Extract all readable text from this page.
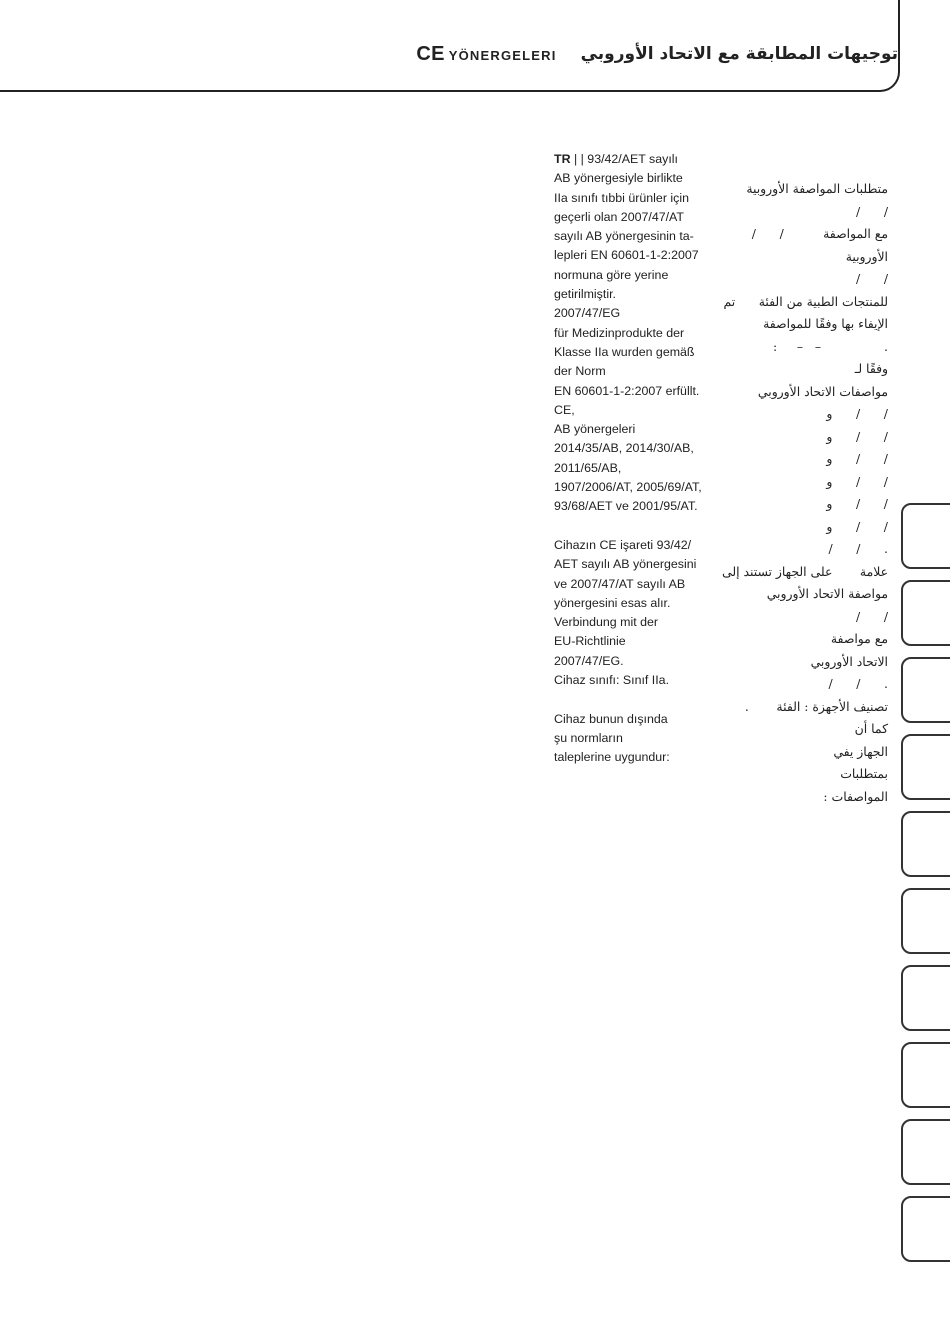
CE YÖNERGELERI توجيهات المطابقة مع الاتحاد الأوروبي
TR | | 93/42/AET sayılı
AB yönergesiyle birlikte
IIa sınıfı tıbbi ürünler için
geçerli olan 2007/47/AT
sayılı AB yönergesinin ta-
lepleri EN 60601-1-2:2007
normuna göre yerine
getirilmiştir.
2007/47/EG
für Medizinprodukte der
Klasse IIa wurden gemäß
der Norm
EN 60601-1-2:2007 erfüllt.
CE,
AB yönergeleri
2014/35/AB, 2014/30/AB,
2011/65/AB,
1907/2006/AT, 2005/69/AT,
93/68/AET ve 2001/95/AT.
Cihazın CE işareti 93/42/
AET sayılı AB yönergesini
ve 2007/47/AT sayılı AB
yönergesini esas alır.
Verbindung mit der
EU-Richtlinie
2007/47/EG.
Cihaz sınıfı: Sınıf IIa.
Cihaz bunun dışında
şu normların
taleplerine uygundur:
متطلبات المواصفة الأوروبية
/      /
مع المواصفة          /      /
الأوروبية
/      /
للمنتجات الطبية من الفئة      تم
الإيفاء بها وفقًا للمواصفة
:     –   –                .
وفقًا لـ
مواصفات الاتحاد الأوروبي
/      /      و
/      /      و
/      /      و
/      /      و
/      /      و
/      /      و
/      /      .
علامة       على الجهاز تستند إلى
مواصفة الاتحاد الأوروبي
/      /
مع مواصفة
الاتحاد الأوروبي
/      /      .
تصنيف الأجهزة : الفئة       .
كما أن
الجهاز يفي
بمتطلبات
المواصفات :
